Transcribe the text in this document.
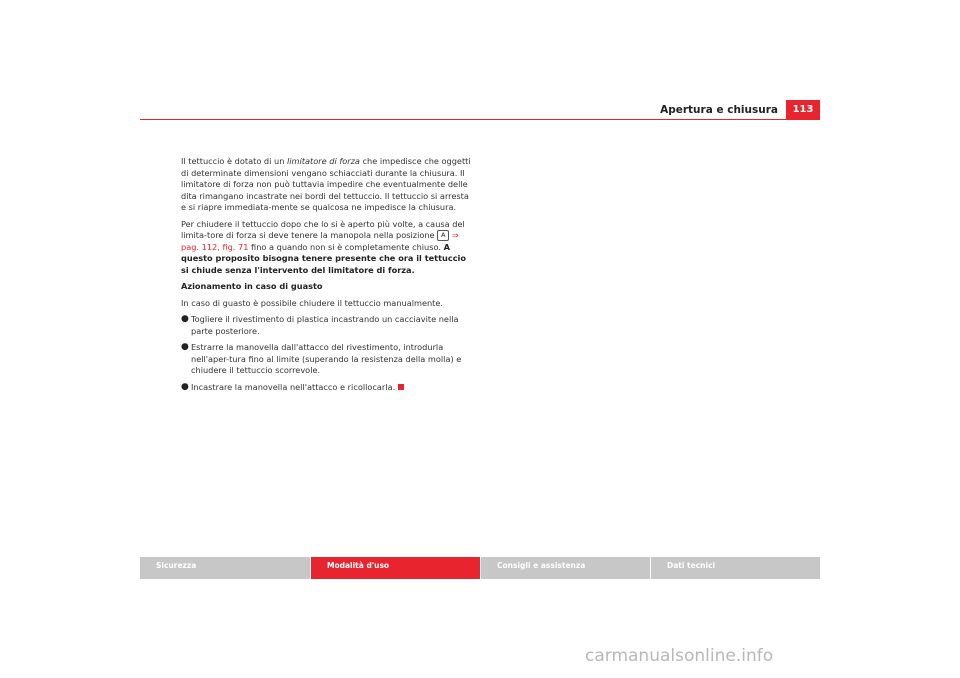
Apertura e chiusura	113

Il tettuccio è dotato di un limitatore di forza che impedisce che oggetti di determinate dimensioni vengano schiacciati durante la chiusura. Il limitatore di forza non può tuttavia impedire che eventualmente delle dita rimangano incastrate nei bordi del tettuccio. Il tettuccio si arresta e si riapre immediata-mente se qualcosa ne impedisce la chiusura.

Per chiudere il tettuccio dopo che lo si è aperto più volte, a causa del limita-tore di forza si deve tenere la manopola nella posizione A ⇒ pag. 112, fig. 71 fino a quando non si è completamente chiuso. A questo proposito bisogna tenere presente che ora il tettuccio si chiude senza l'intervento del limitatore di forza.

Azionamento in caso di guasto

In caso di guasto è possibile chiudere il tettuccio manualmente.

● Togliere il rivestimento di plastica incastrando un cacciavite nella parte posteriore.

● Estrarre la manovella dall'attacco del rivestimento, introdurla nell'aper-tura fino al limite (superando la resistenza della molla) e chiudere il tettuccio scorrevole.

● Incastrare la manovella nell'attacco e ricollocarla.

Sicurezza	Modalità d'uso	Consigli e assistenza	Dati tecnici
carmanualsonline.info
